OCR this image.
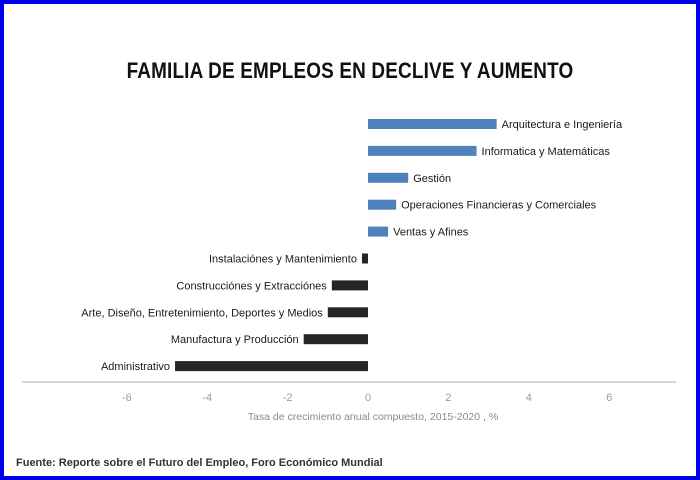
FAMILIA DE EMPLEOS EN DECLIVE Y AUMENTO
Arquitectura e Ingeniería
Informatica y Matemáticas
Gestión
Operaciones Financieras y Comerciales
Ventas y Afines
Instalaciónes y Mantenimiento
Construcciónes y Extracciónes
Arte, Diseño, Entretenimiento, Deportes y Medios
Manufactura y Producción
Administrativo
-6	-4	-2	0	2	4	6
Tasa de crecimiento anual compuesto, 2015-2020 , %
Fuente: Reporte sobre el Futuro del Empleo, Foro Económico Mundial
